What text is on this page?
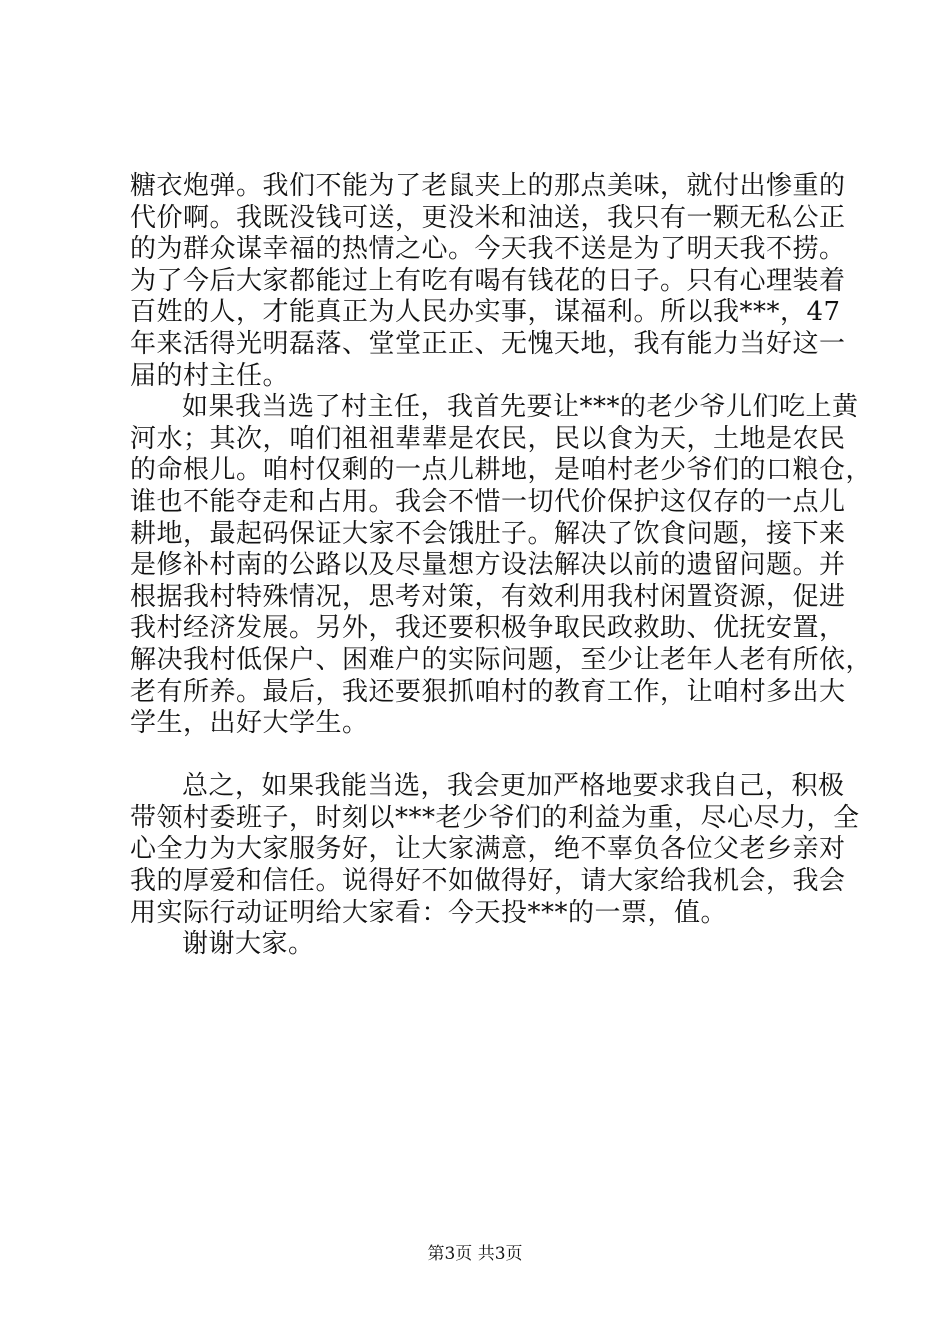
糖衣炮弹。我们不能为了老鼠夹上的那点美味，就付出惨重的
代价啊。我既没钱可送，更没米和油送，我只有一颗无私公正
的为群众谋幸福的热情之心。今天我不送是为了明天我不捞。
为了今后大家都能过上有吃有喝有钱花的日子。只有心理装着
百姓的人，才能真正为人民办实事，谋福利。所以我***，47
年来活得光明磊落、堂堂正正、无愧天地，我有能力当好这一
届的村主任。
如果我当选了村主任，我首先要让***的老少爷儿们吃上黄
河水；其次，咱们祖祖辈辈是农民，民以食为天，土地是农民
的命根儿。咱村仅剩的一点儿耕地，是咱村老少爷们的口粮仓，
谁也不能夺走和占用。我会不惜一切代价保护这仅存的一点儿
耕地，最起码保证大家不会饿肚子。解决了饮食问题，接下来
是修补村南的公路以及尽量想方设法解决以前的遗留问题。并
根据我村特殊情况，思考对策，有效利用我村闲置资源，促进
我村经济发展。另外，我还要积极争取民政救助、优抚安置，
解决我村低保户、困难户的实际问题，至少让老年人老有所依，
老有所养。最后，我还要狠抓咱村的教育工作，让咱村多出大
学生，出好大学生。
总之，如果我能当选，我会更加严格地要求我自己，积极
带领村委班子，时刻以***老少爷们的利益为重，尽心尽力，全
心全力为大家服务好，让大家满意，绝不辜负各位父老乡亲对
我的厚爱和信任。说得好不如做得好，请大家给我机会，我会
用实际行动证明给大家看：今天投***的一票，值。
谢谢大家。
第3页 共3页
